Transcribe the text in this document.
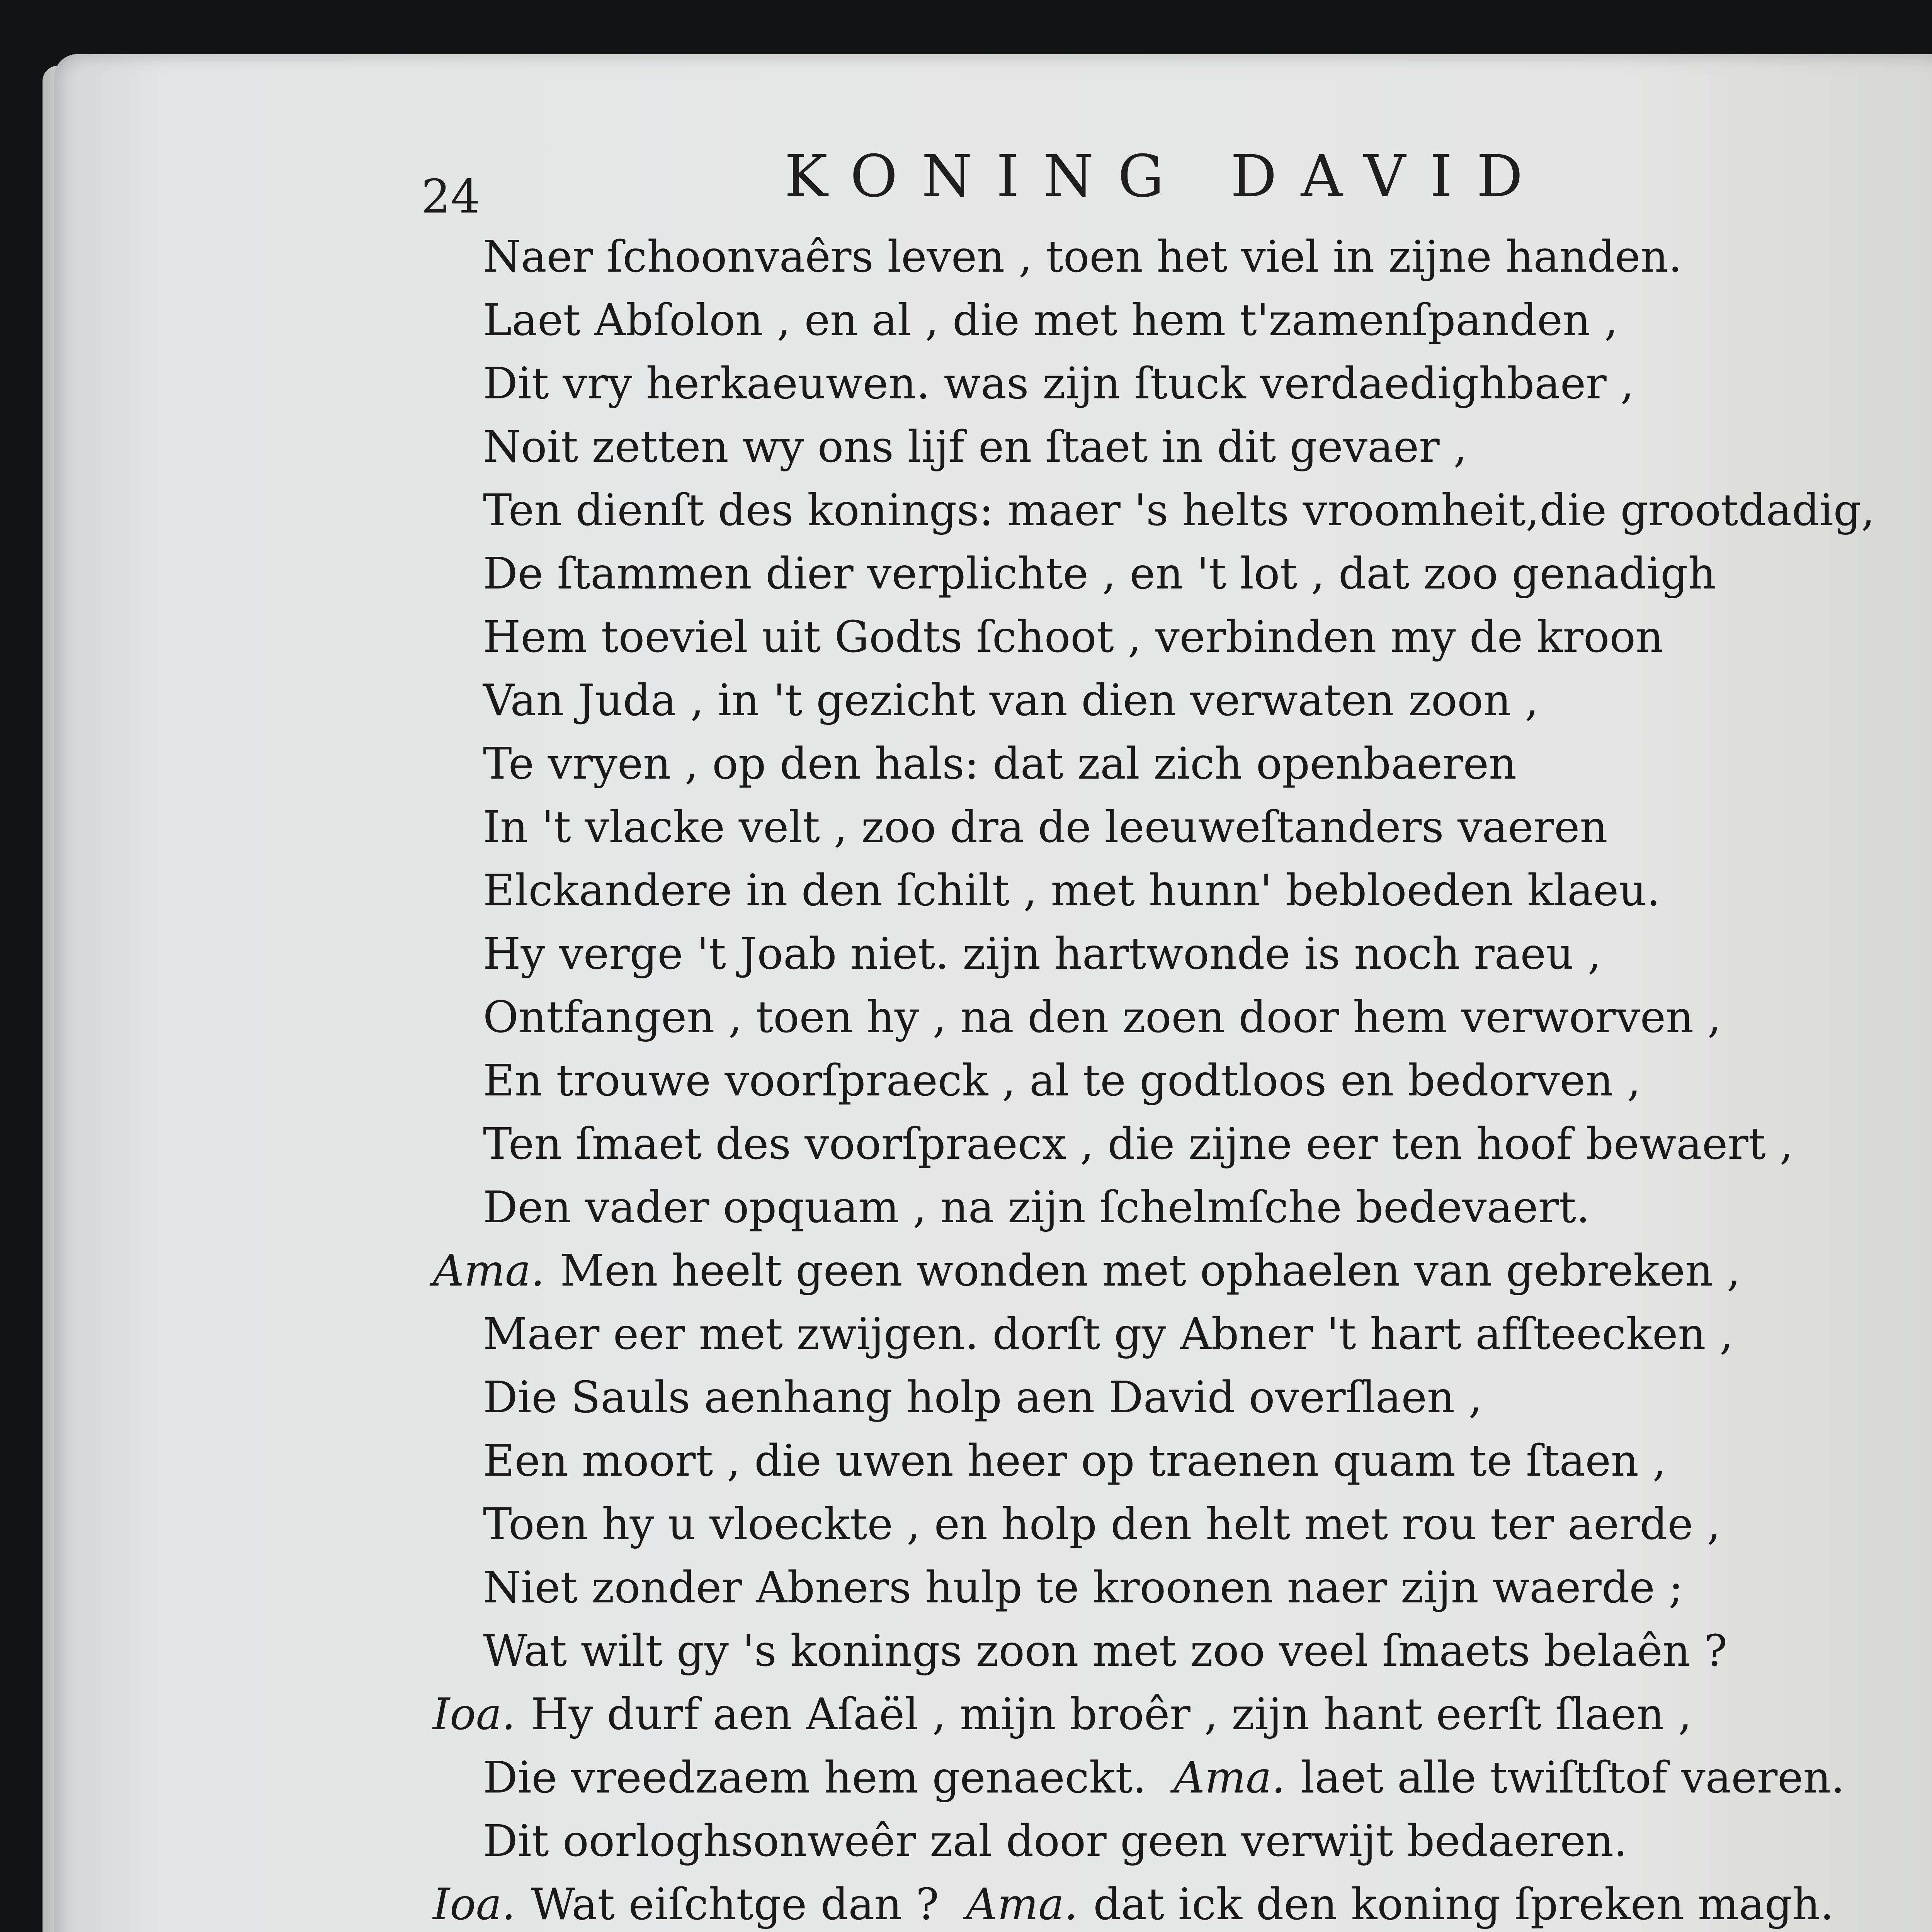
24	KONING DAVID
Naer ſchoonvaêrs leven , toen het viel in zijne handen.
Laet Abſolon , en al , die met hem t'zamenſpanden ,
Dit vry herkaeuwen. was zijn ſtuck verdaedighbaer ,
Noit zetten wy ons lijf en ſtaet in dit gevaer ,
Ten dienſt des konings: maer 's helts vroomheit,die grootdadig,
De ſtammen dier verplichte , en 't lot , dat zoo genadigh
Hem toeviel uit Godts ſchoot , verbinden my de kroon
Van Juda , in 't gezicht van dien verwaten zoon ,
Te vryen , op den hals: dat zal zich openbaeren
In 't vlacke velt , zoo dra de leeuweſtanders vaeren
Elckandere in den ſchilt , met hunn' bebloeden klaeu.
Hy verge 't Joab niet. zijn hartwonde is noch raeu ,
Ontfangen , toen hy , na den zoen door hem verworven ,
En trouwe voorſpraeck , al te godtloos en bedorven ,
Ten ſmaet des voorſpraecx , die zijne eer ten hoof bewaert ,
Den vader opquam , na zijn ſchelmſche bedevaert.
Ama. Men heelt geen wonden met ophaelen van gebreken ,
Maer eer met zwijgen. dorſt gy Abner 't hart afſteecken ,
Die Sauls aenhang holp aen David overſlaen ,
Een moort , die uwen heer op traenen quam te ſtaen ,
Toen hy u vloeckte , en holp den helt met rou ter aerde ,
Niet zonder Abners hulp te kroonen naer zijn waerde ;
Wat wilt gy 's konings zoon met zoo veel ſmaets belaên ?
Ioa. Hy durf aen Aſaël , mijn broêr , zijn hant eerſt ſlaen ,
Die vreedzaem hem genaeckt. Ama. laet alle twiſtſtof vaeren.
Dit oorloghsonweêr zal door geen verwijt bedaeren.
Ioa. Wat eiſchtge dan ? Ama. dat ick den koning ſpreken magh.
